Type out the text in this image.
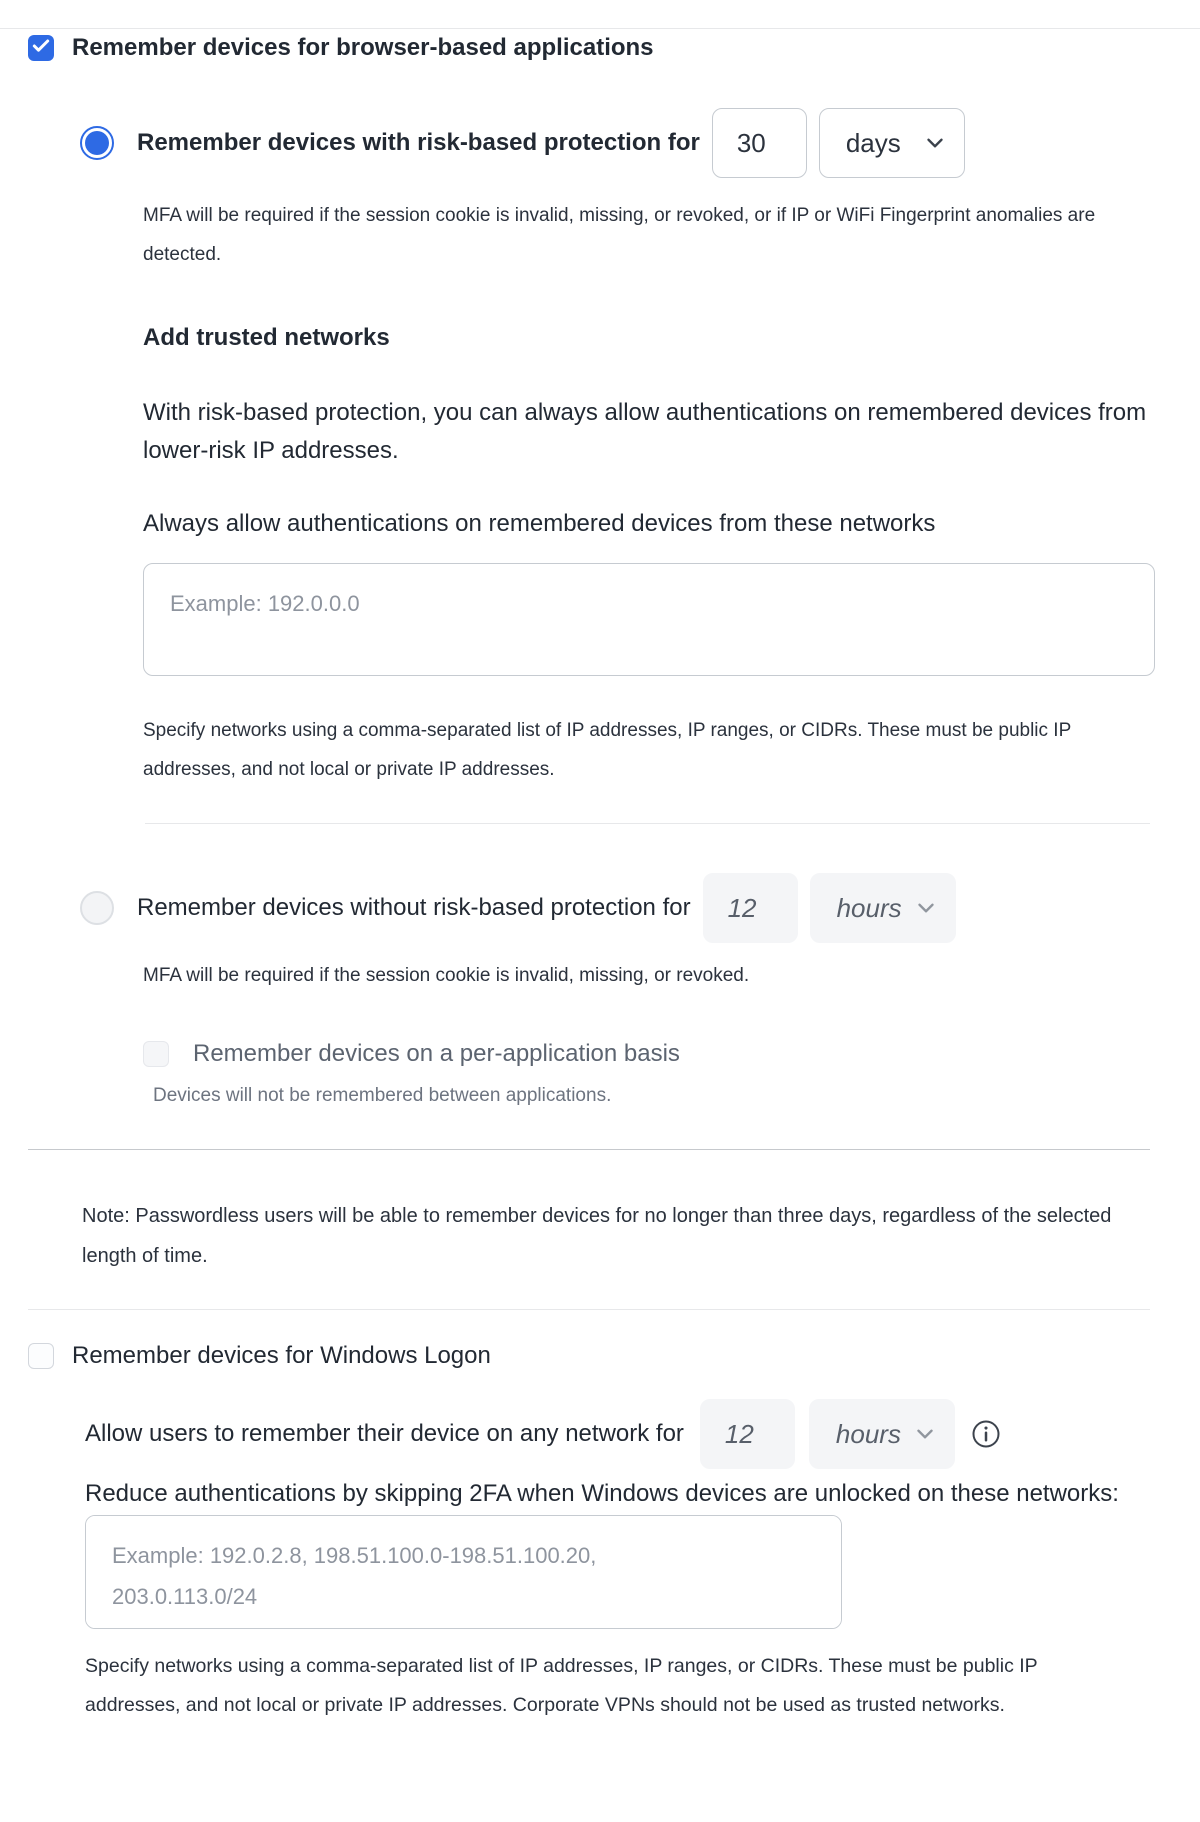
Remember devices for browser-based applications
Remember devices with risk-based protection for
30	days

MFA will be required if the session cookie is invalid, missing, or revoked, or if IP or WiFi Fingerprint anomalies are detected.

Add trusted networks

With risk-based protection, you can always allow authentications on remembered devices from lower-risk IP addresses.

Always allow authentications on remembered devices from these networks

Example: 192.0.0.0

Specify networks using a comma-separated list of IP addresses, IP ranges, or CIDRs. These must be public IP addresses, and not local or private IP addresses.

Remember devices without risk-based protection for
12	hours

MFA will be required if the session cookie is invalid, missing, or revoked.

Remember devices on a per-application basis

Devices will not be remembered between applications.

Note: Passwordless users will be able to remember devices for no longer than three days, regardless of the selected length of time.

Remember devices for Windows Logon
Allow users to remember their device on any network for
12	hours

Reduce authentications by skipping 2FA when Windows devices are unlocked on these networks:

Example: 192.0.2.8, 198.51.100.0-198.51.100.20, 203.0.113.0/24

Specify networks using a comma-separated list of IP addresses, IP ranges, or CIDRs. These must be public IP addresses, and not local or private IP addresses. Corporate VPNs should not be used as trusted networks.
